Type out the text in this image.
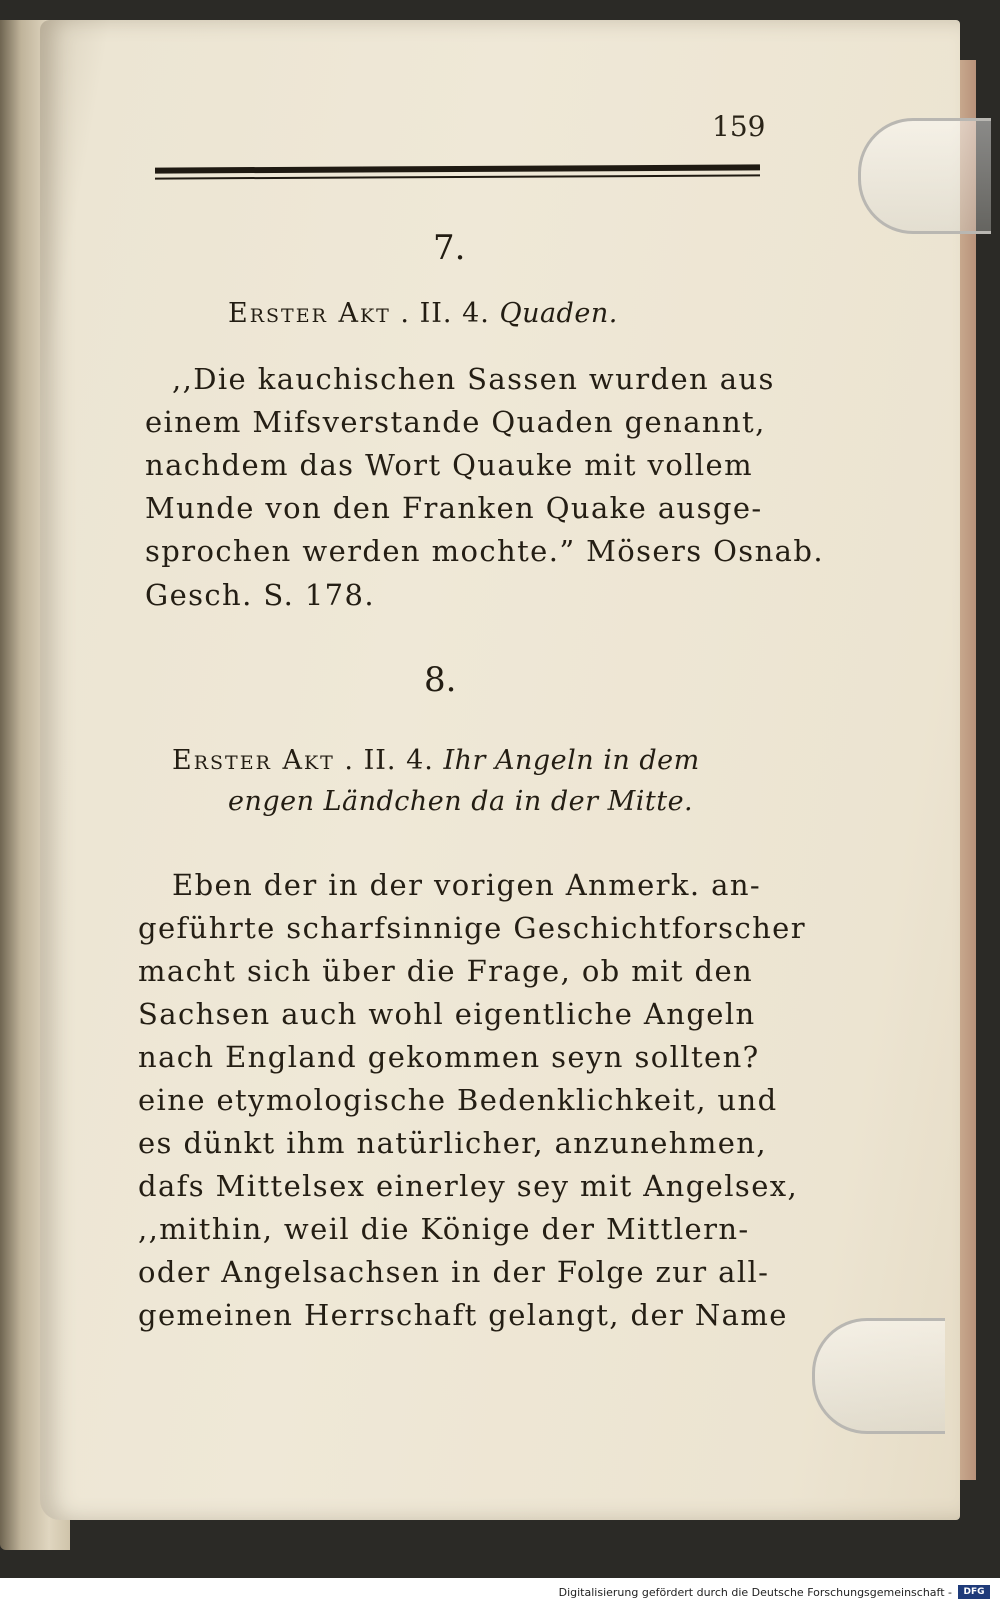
159
7.
Erster Akt . II. 4. Quaden.
,,Die kauchischen Sassen wurden aus
einem Mifsverstande Quaden genannt,
nachdem das Wort Quauke mit vollem
Munde von den Franken Quake ausge-
sprochen werden mochte.” Mösers Osnab.
Gesch. S. 178.
8.
Erster Akt . II. 4. Ihr Angeln in dem
engen Ländchen da in der Mitte.
Eben der in der vorigen Anmerk. an-
geführte scharfsinnige Geschichtforscher
macht sich über die Frage, ob mit den
Sachsen auch wohl eigentliche Angeln
nach England gekommen seyn sollten?
eine etymologische Bedenklichkeit, und
es dünkt ihm natürlicher, anzunehmen,
dafs Mittelsex einerley sey mit Angelsex,
,,mithin, weil die Könige der Mittlern-
oder Angelsachsen in der Folge zur all-
gemeinen Herrschaft gelangt, der Name
Digitalisierung gefördert durch die Deutsche Forschungsgemeinschaft -	DFG
